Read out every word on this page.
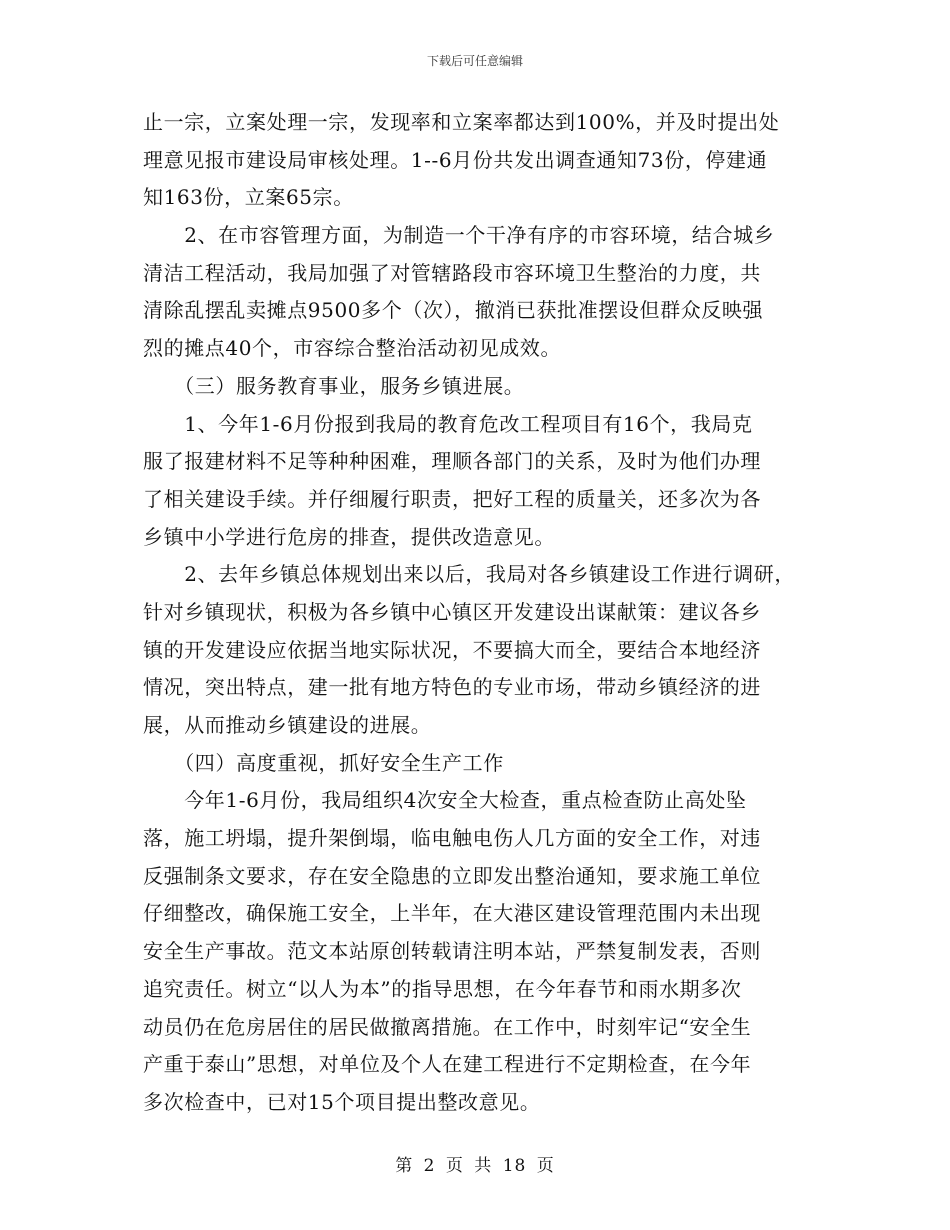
下载后可任意编辑
止一宗，立案处理一宗，发现率和立案率都达到100%，并及时提出处
理意见报市建设局审核处理。1--6月份共发出调查通知73份，停建通
知163份，立案65宗。
　　2、在市容管理方面，为制造一个干净有序的市容环境，结合城乡
清洁工程活动，我局加强了对管辖路段市容环境卫生整治的力度，共
清除乱摆乱卖摊点9500多个（次），撤消已获批准摆设但群众反映强
烈的摊点40个，市容综合整治活动初见成效。
　　（三）服务教育事业，服务乡镇进展。
　　1、今年1-6月份报到我局的教育危改工程项目有16个，我局克
服了报建材料不足等种种困难，理顺各部门的关系，及时为他们办理
了相关建设手续。并仔细履行职责，把好工程的质量关，还多次为各
乡镇中小学进行危房的排查，提供改造意见。
　　2、去年乡镇总体规划出来以后，我局对各乡镇建设工作进行调研，
针对乡镇现状，积极为各乡镇中心镇区开发建设出谋献策：建议各乡
镇的开发建设应依据当地实际状况，不要搞大而全，要结合本地经济
情况，突出特点，建一批有地方特色的专业市场，带动乡镇经济的进
展，从而推动乡镇建设的进展。
　　（四）高度重视，抓好安全生产工作
　　今年1-6月份，我局组织4次安全大检查，重点检查防止高处坠
落，施工坍塌，提升架倒塌，临电触电伤人几方面的安全工作，对违
反强制条文要求，存在安全隐患的立即发出整治通知，要求施工单位
仔细整改，确保施工安全，上半年，在大港区建设管理范围内未出现
安全生产事故。范文本站原创转载请注明本站，严禁复制发表，否则
追究责任。树立“以人为本”的指导思想，在今年春节和雨水期多次
动员仍在危房居住的居民做撤离措施。在工作中，时刻牢记“安全生
产重于泰山”思想，对单位及个人在建工程进行不定期检查，在今年
多次检查中，已对15个项目提出整改意见。
第 2 页 共 18 页
